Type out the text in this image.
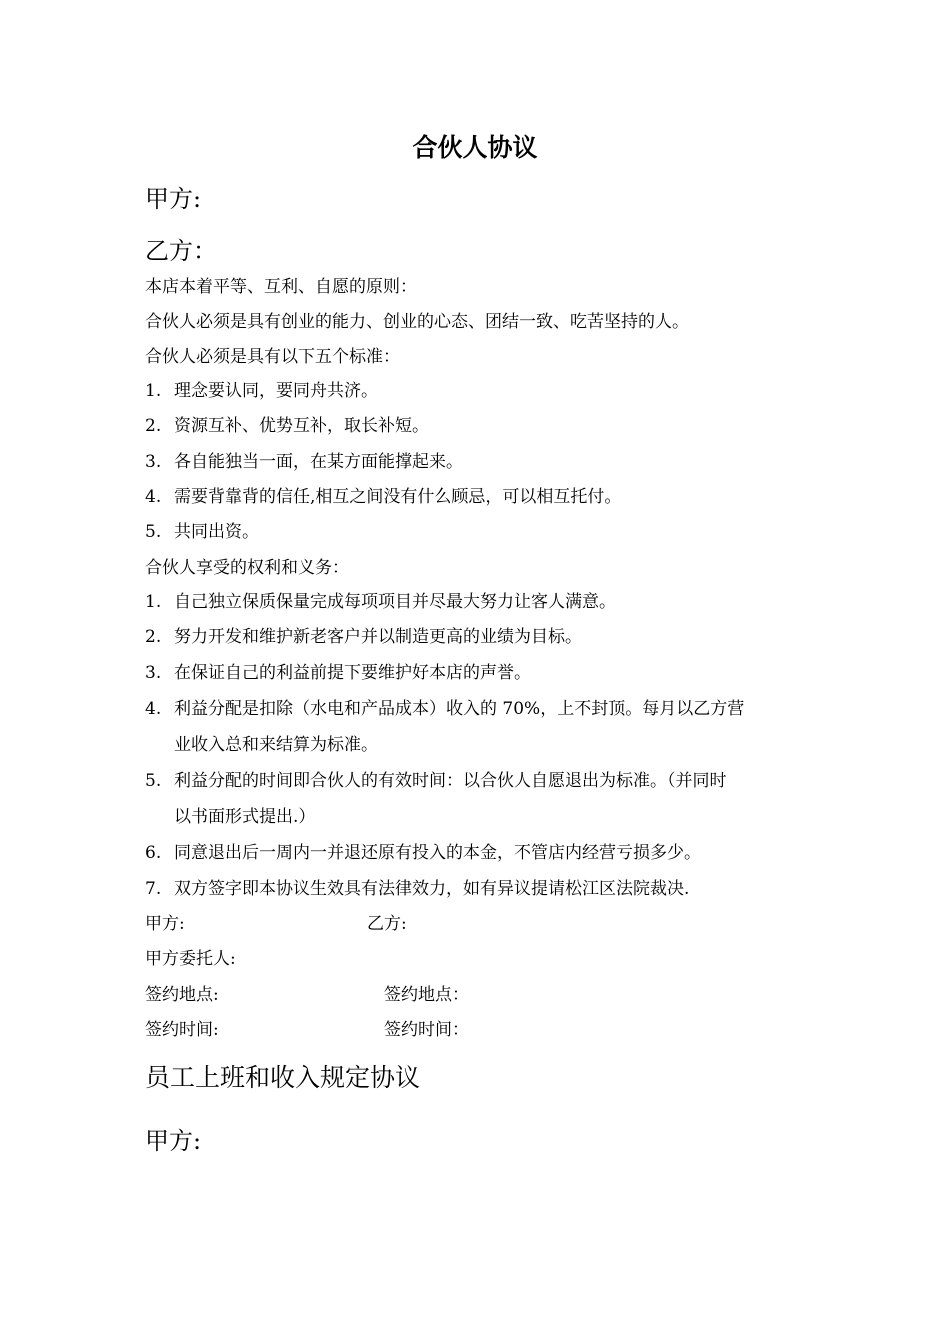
合伙人协议
甲方:
乙方：
本店本着平等、互利、自愿的原则：
合伙人必须是具有创业的能力、创业的心态、团结一致、吃苦坚持的人。
合伙人必须是具有以下五个标准：
1. 理念要认同，要同舟共济。
2. 资源互补、优势互补，取长补短。
3. 各自能独当一面，在某方面能撑起来。
4. 需要背靠背的信任,相互之间没有什么顾忌，可以相互托付。
5. 共同出资。
合伙人享受的权利和义务：
1. 自己独立保质保量完成每项项目并尽最大努力让客人满意。
2. 努力开发和维护新老客户并以制造更高的业绩为目标。
3. 在保证自己的利益前提下要维护好本店的声誉。
4. 利益分配是扣除（水电和产品成本）收入的 70%，上不封顶。每月以乙方营
业收入总和来结算为标准。
5. 利益分配的时间即合伙人的有效时间：以合伙人自愿退出为标准。（并同时
以书面形式提出.）
6. 同意退出后一周内一并退还原有投入的本金，不管店内经营亏损多少。
7. 双方签字即本协议生效具有法律效力，如有异议提请松江区法院裁决.
甲方:	乙方:
甲方委托人:
签约地点:	签约地点：
签约时间:	签约时间：
员工上班和收入规定协议
甲方:
